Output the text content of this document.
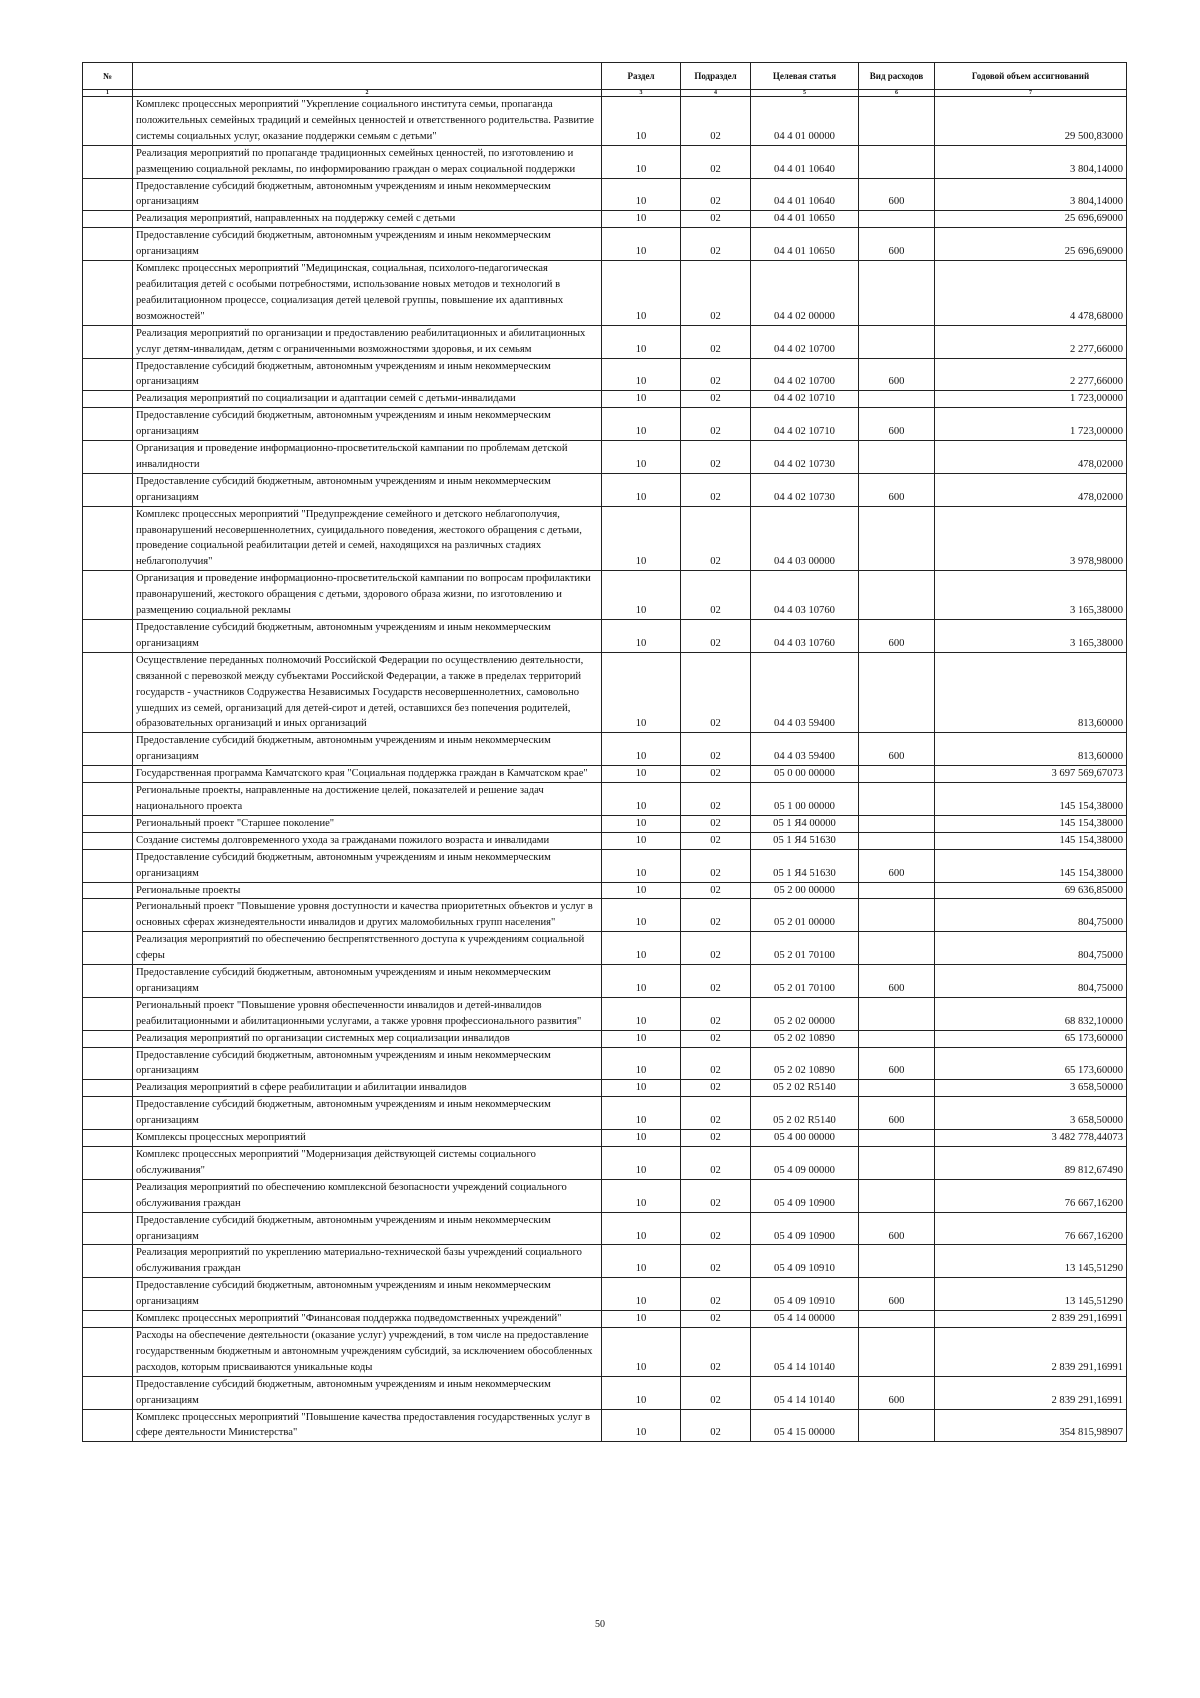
№		Раздел	Подраздел	Целевая статья	Вид расходов	Годовой объем ассигнований
1	2	3	4	5	6	7
	Комплекс процессных мероприятий "Укрепление социального института семьи, пропаганда положительных семейных традиций и семейных ценностей и ответственного родительства. Развитие системы социальных услуг, оказание поддержки семьям с детьми"	10	02	04 4 01 00000		29 500,83000
	Реализация мероприятий по пропаганде традиционных семейных ценностей, по изготовлению и размещению социальной рекламы, по информированию граждан о мерах социальной поддержки	10	02	04 4 01 10640		3 804,14000
	Предоставление субсидий бюджетным, автономным учреждениям и иным некоммерческим организациям	10	02	04 4 01 10640	600	3 804,14000
	Реализация мероприятий, направленных на поддержку семей с детьми	10	02	04 4 01 10650		25 696,69000
	Предоставление субсидий бюджетным, автономным учреждениям и иным некоммерческим организациям	10	02	04 4 01 10650	600	25 696,69000
	Комплекс процессных мероприятий "Медицинская, социальная, психолого-педагогическая реабилитация детей с особыми потребностями, использование новых методов и технологий в реабилитационном процессе, социализация детей целевой группы, повышение их адаптивных возможностей"	10	02	04 4 02 00000		4 478,68000
	Реализация мероприятий по организации и предоставлению реабилитационных и абилитационных услуг детям-инвалидам, детям с ограниченными возможностями здоровья, и их семьям	10	02	04 4 02 10700		2 277,66000
	Предоставление субсидий бюджетным, автономным учреждениям и иным некоммерческим организациям	10	02	04 4 02 10700	600	2 277,66000
	Реализация мероприятий по социализации и адаптации семей с детьми-инвалидами	10	02	04 4 02 10710		1 723,00000
	Предоставление субсидий бюджетным, автономным учреждениям и иным некоммерческим организациям	10	02	04 4 02 10710	600	1 723,00000
	Организация и проведение информационно-просветительской кампании по проблемам детской инвалидности	10	02	04 4 02 10730		478,02000
	Предоставление субсидий бюджетным, автономным учреждениям и иным некоммерческим организациям	10	02	04 4 02 10730	600	478,02000
	Комплекс процессных мероприятий "Предупреждение семейного и детского неблагополучия, правонарушений несовершеннолетних, суицидального поведения, жестокого обращения с детьми, проведение социальной реабилитации детей и семей, находящихся на различных стадиях неблагополучия"	10	02	04 4 03 00000		3 978,98000
	Организация и проведение информационно-просветительской кампании по вопросам профилактики правонарушений, жестокого обращения с детьми, здорового образа жизни, по изготовлению и размещению социальной рекламы	10	02	04 4 03 10760		3 165,38000
	Предоставление субсидий бюджетным, автономным учреждениям и иным некоммерческим организациям	10	02	04 4 03 10760	600	3 165,38000
	Осуществление переданных полномочий Российской Федерации по осуществлению деятельности, связанной с перевозкой между субъектами Российской Федерации, а также в пределах территорий государств - участников Содружества Независимых Государств несовершеннолетних, самовольно ушедших из семей, организаций для детей-сирот и детей, оставшихся без попечения родителей, образовательных организаций и иных организаций	10	02	04 4 03 59400		813,60000
	Предоставление субсидий бюджетным, автономным учреждениям и иным некоммерческим организациям	10	02	04 4 03 59400	600	813,60000
	Государственная программа Камчатского края "Социальная поддержка граждан в Камчатском крае"	10	02	05 0 00 00000		3 697 569,67073
	Региональные проекты, направленные на достижение целей, показателей и решение задач национального проекта	10	02	05 1 00 00000		145 154,38000
	Региональный проект "Старшее поколение"	10	02	05 1 Я4 00000		145 154,38000
	Создание системы долговременного ухода за гражданами пожилого возраста и инвалидами	10	02	05 1 Я4 51630		145 154,38000
	Предоставление субсидий бюджетным, автономным учреждениям и иным некоммерческим организациям	10	02	05 1 Я4 51630	600	145 154,38000
	Региональные проекты	10	02	05 2 00 00000		69 636,85000
	Региональный проект "Повышение уровня доступности и качества приоритетных объектов и услуг в основных сферах жизнедеятельности инвалидов и других маломобильных групп населения"	10	02	05 2 01 00000		804,75000
	Реализация мероприятий по обеспечению беспрепятственного доступа к учреждениям социальной сферы	10	02	05 2 01 70100		804,75000
	Предоставление субсидий бюджетным, автономным учреждениям и иным некоммерческим организациям	10	02	05 2 01 70100	600	804,75000
	Региональный проект "Повышение уровня обеспеченности инвалидов и детей-инвалидов реабилитационными и абилитационными услугами, а также уровня профессионального развития"	10	02	05 2 02 00000		68 832,10000
	Реализация мероприятий по организации системных мер социализации инвалидов	10	02	05 2 02 10890		65 173,60000
	Предоставление субсидий бюджетным, автономным учреждениям и иным некоммерческим организациям	10	02	05 2 02 10890	600	65 173,60000
	Реализация мероприятий в сфере реабилитации и абилитации инвалидов	10	02	05 2 02 R5140		3 658,50000
	Предоставление субсидий бюджетным, автономным учреждениям и иным некоммерческим организациям	10	02	05 2 02 R5140	600	3 658,50000
	Комплексы процессных мероприятий	10	02	05 4 00 00000		3 482 778,44073
	Комплекс процессных мероприятий "Модернизация действующей системы социального обслуживания"	10	02	05 4 09 00000		89 812,67490
	Реализация мероприятий по обеспечению комплексной безопасности учреждений социального обслуживания граждан	10	02	05 4 09 10900		76 667,16200
	Предоставление субсидий бюджетным, автономным учреждениям и иным некоммерческим организациям	10	02	05 4 09 10900	600	76 667,16200
	Реализация мероприятий по укреплению материально-технической базы учреждений социального обслуживания граждан	10	02	05 4 09 10910		13 145,51290
	Предоставление субсидий бюджетным, автономным учреждениям и иным некоммерческим организациям	10	02	05 4 09 10910	600	13 145,51290
	Комплекс процессных мероприятий "Финансовая поддержка подведомственных учреждений"	10	02	05 4 14 00000		2 839 291,16991
	Расходы на обеспечение деятельности (оказание услуг) учреждений, в том числе на предоставление государственным бюджетным и автономным учреждениям субсидий, за исключением обособленных расходов, которым присваиваются уникальные коды	10	02	05 4 14 10140		2 839 291,16991
	Предоставление субсидий бюджетным, автономным учреждениям и иным некоммерческим организациям	10	02	05 4 14 10140	600	2 839 291,16991
	Комплекс процессных мероприятий "Повышение качества предоставления государственных услуг в сфере деятельности Министерства"	10	02	05 4 15 00000		354 815,98907
50
